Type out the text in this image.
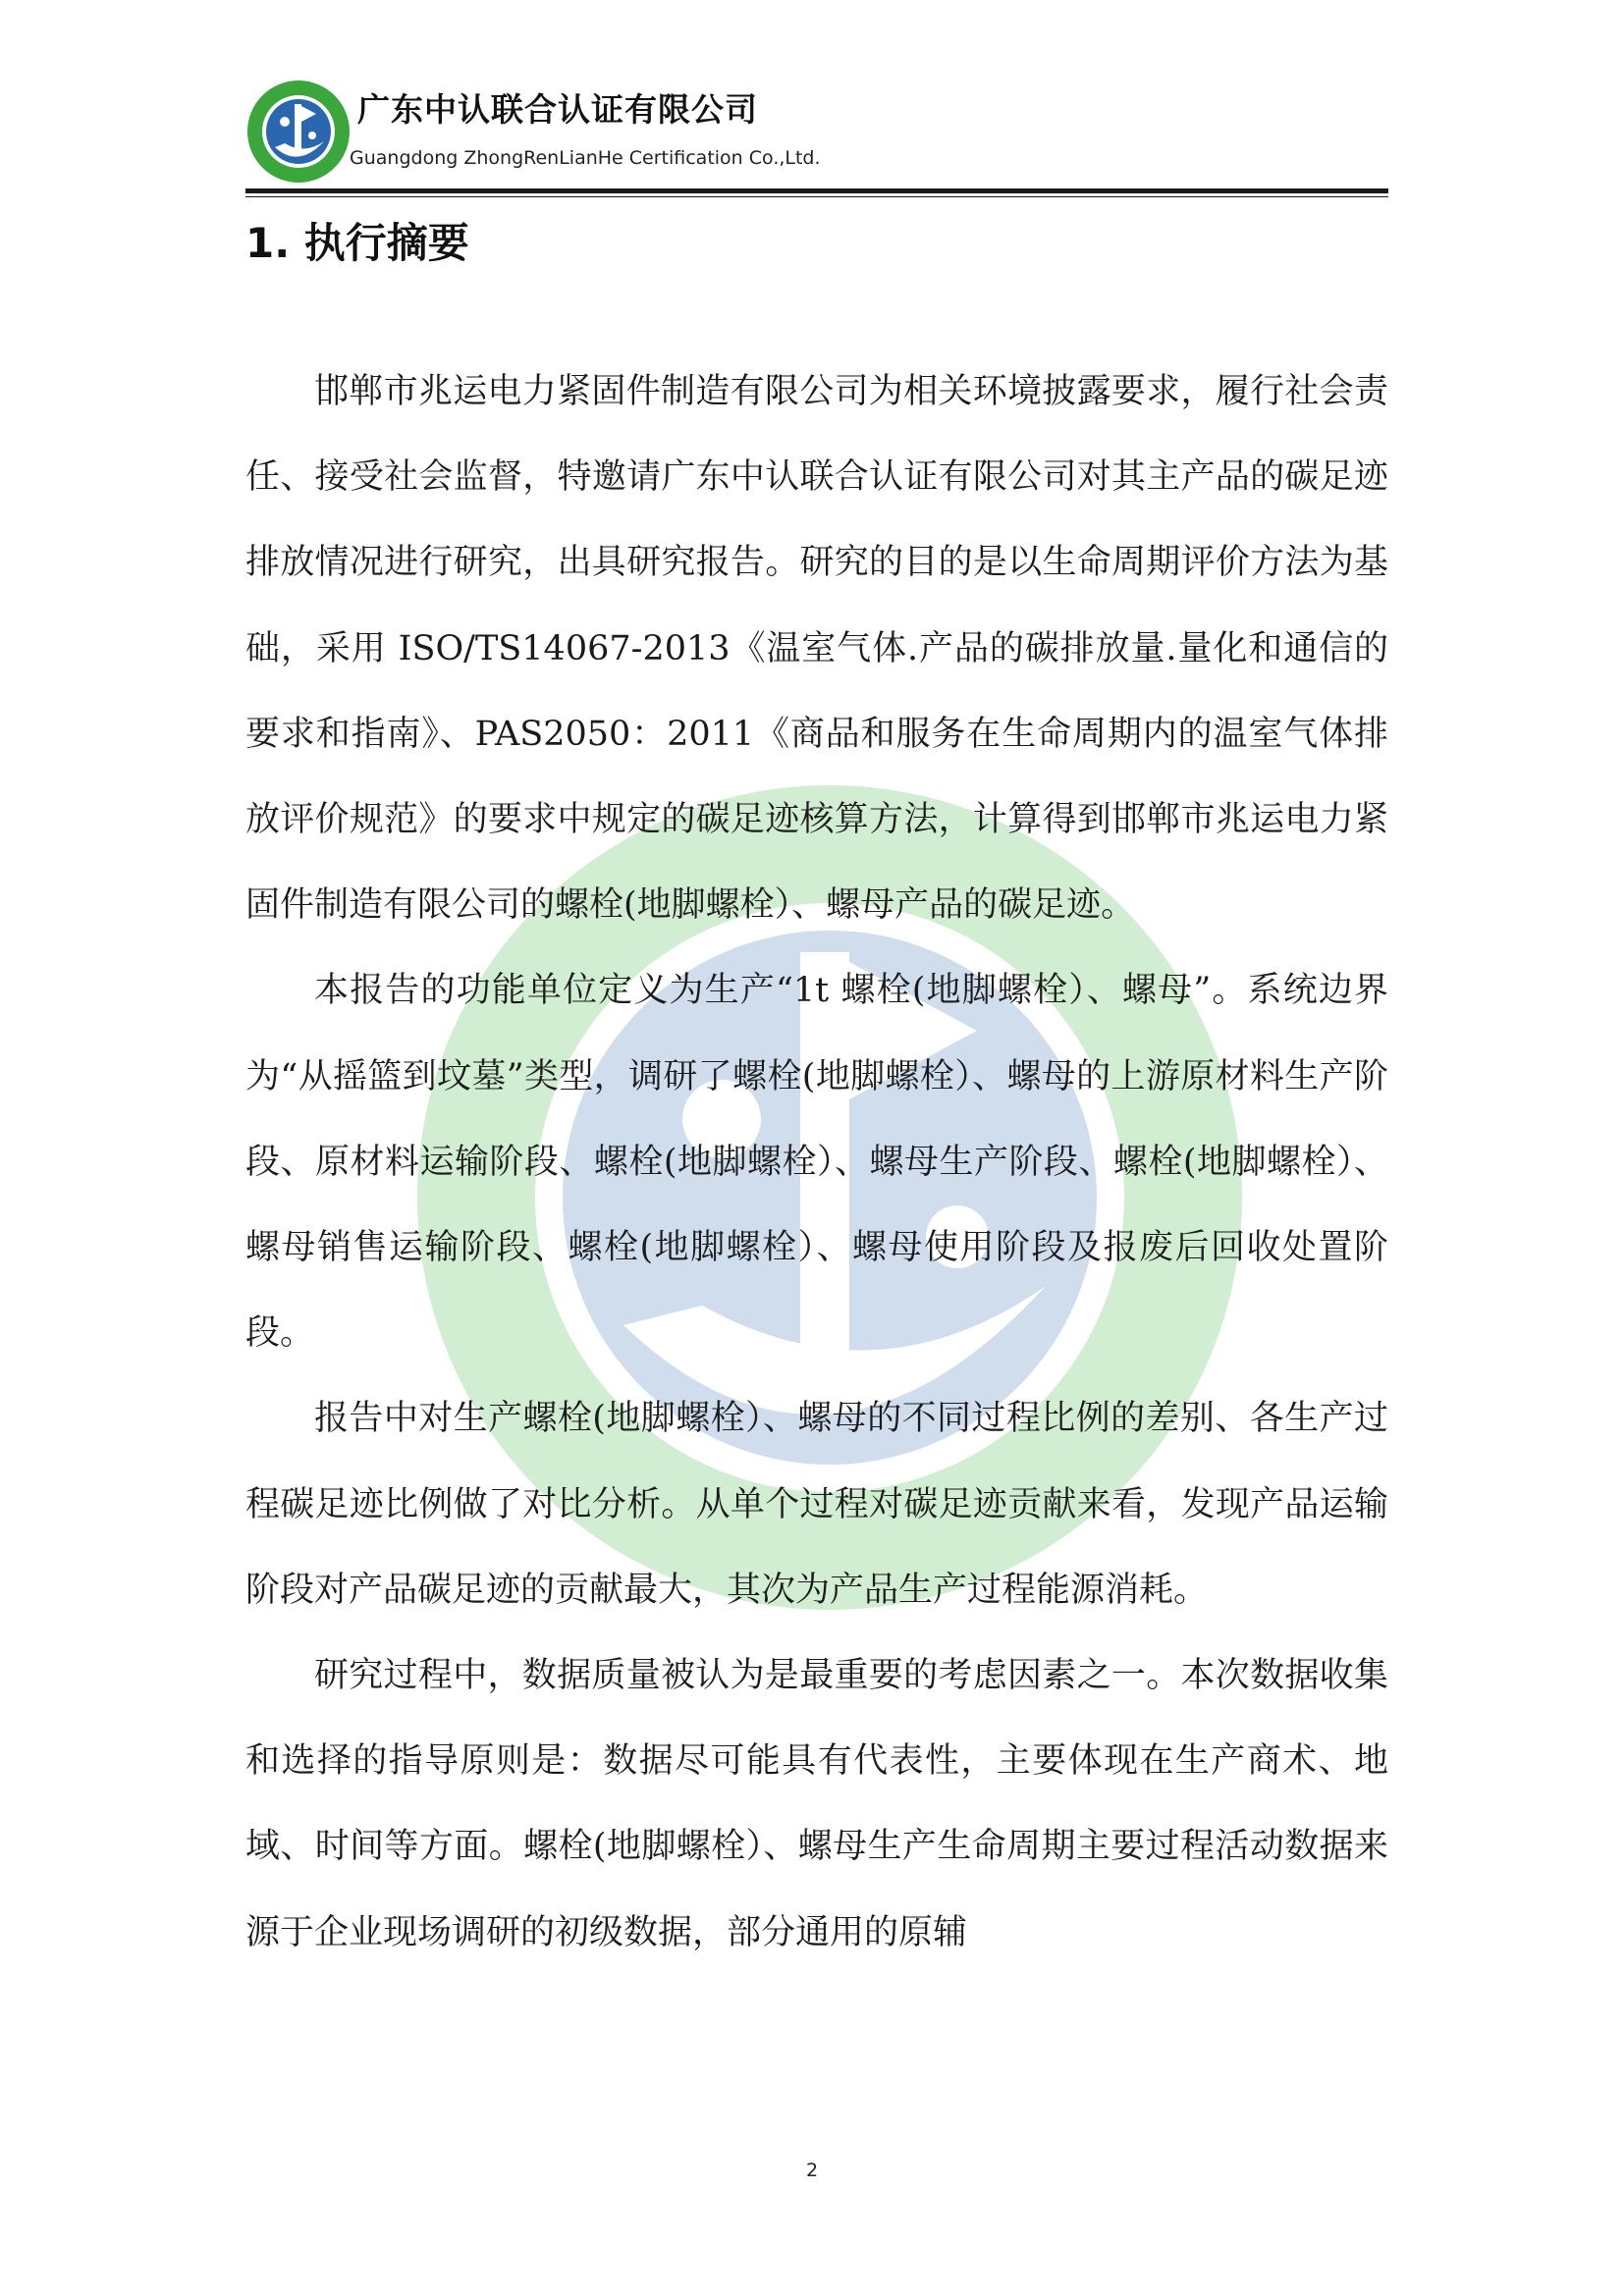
广东中认联合认证有限公司
Guangdong ZhongRenLianHe Certification Co.,Ltd.
1. 执行摘要

邯郸市兆运电力紧固件制造有限公司为相关环境披露要求，履行社会责任、接受社会监督，特邀请广东中认联合认证有限公司对其主产品的碳足迹排放情况进行研究，出具研究报告。研究的目的是以生命周期评价方法为基础，采用 ISO/TS14067-2013《温室气体.产品的碳排放量.量化和通信的要求和指南》、PAS2050：2011《商品和服务在生命周期内的温室气体排放评价规范》的要求中规定的碳足迹核算方法，计算得到邯郸市兆运电力紧固件制造有限公司的螺栓(地脚螺栓）、螺母产品的碳足迹。

本报告的功能单位定义为生产“1t 螺栓(地脚螺栓）、螺母”。系统边界为“从摇篮到坟墓”类型，调研了螺栓(地脚螺栓）、螺母的上游原材料生产阶段、原材料运输阶段、螺栓(地脚螺栓）、螺母生产阶段、螺栓(地脚螺栓）、螺母销售运输阶段、螺栓(地脚螺栓）、螺母使用阶段及报废后回收处置阶段。

报告中对生产螺栓(地脚螺栓）、螺母的不同过程比例的差别、各生产过程碳足迹比例做了对比分析。从单个过程对碳足迹贡献来看，发现产品运输阶段对产品碳足迹的贡献最大，其次为产品生产过程能源消耗。

研究过程中，数据质量被认为是最重要的考虑因素之一。本次数据收集和选择的指导原则是：数据尽可能具有代表性，主要体现在生产商术、地域、时间等方面。螺栓(地脚螺栓）、螺母生产生命周期主要过程活动数据来源于企业现场调研的初级数据，部分通用的原辅

2
